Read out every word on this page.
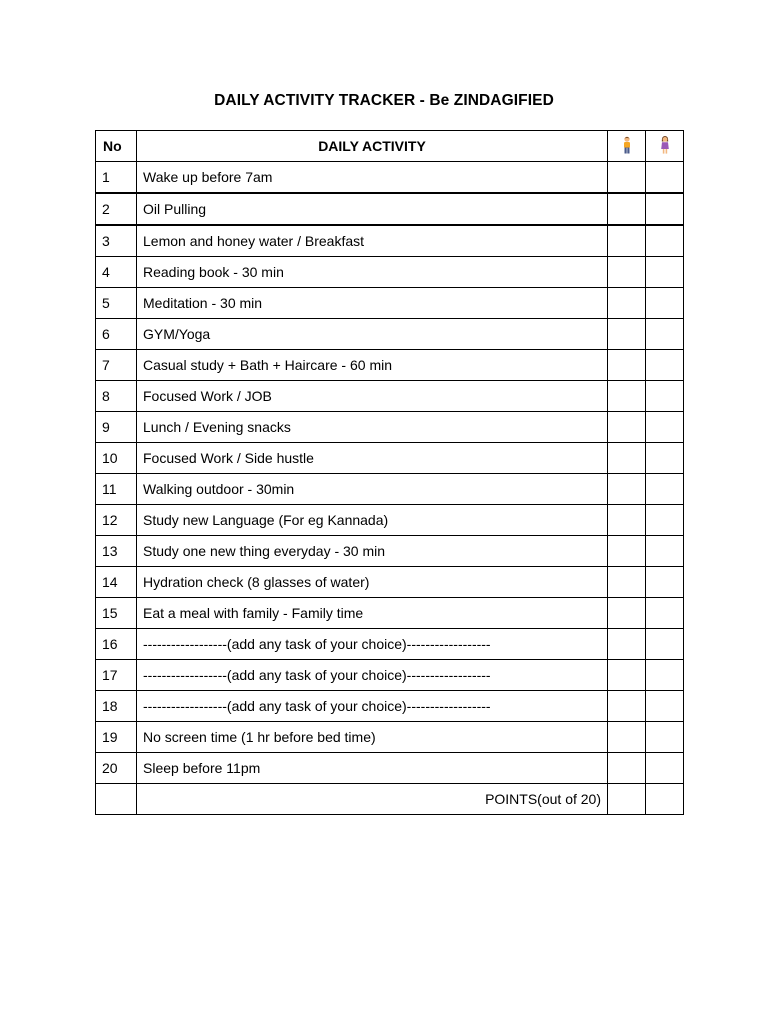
DAILY ACTIVITY TRACKER - Be ZINDAGIFIED
No	DAILY ACTIVITY		
1	Wake up before 7am		
2	Oil Pulling		
3	Lemon and honey water / Breakfast		
4	Reading book - 30 min		
5	Meditation - 30 min		
6	GYM/Yoga		
7	Casual study + Bath + Haircare - 60 min		
8	Focused Work / JOB		
9	Lunch / Evening snacks		
10	Focused Work / Side hustle		
11	Walking outdoor - 30min		
12	Study new Language (For eg Kannada)		
13	Study one new thing everyday - 30 min		
14	Hydration check (8 glasses of water)		
15	Eat a meal with family - Family time		
16	------------------(add any task of your choice)------------------		
17	------------------(add any task of your choice)------------------		
18	------------------(add any task of your choice)------------------		
19	No screen time (1 hr before bed time)		
20	Sleep before 11pm		
	POINTS(out of 20)		
